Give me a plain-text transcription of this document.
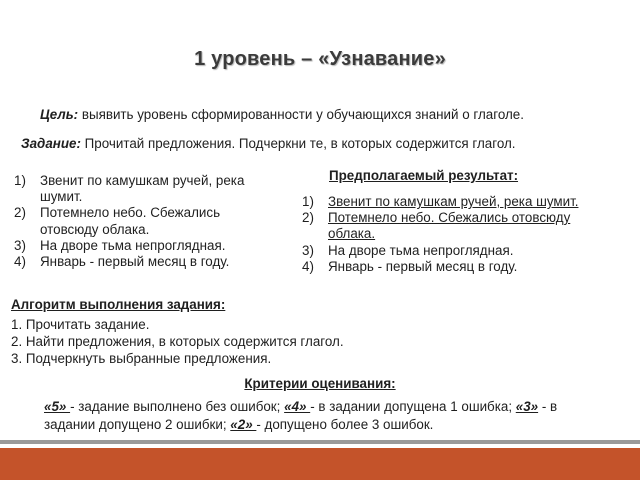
1 уровень – «Узнавание»
Цель: выявить уровень сформированности у обучающихся знаний о глаголе.
Задание: Прочитай предложения. Подчеркни те, в которых содержится глагол.
1) Звенит по камушкам ручей, река шумит.
2) Потемнело небо. Сбежались отовсюду облака.
3) На дворе тьма непроглядная.
4) Январь - первый месяц в году.
Предполагаемый результат:
1) Звенит по камушкам ручей, река шумит.
2) Потемнело небо. Сбежались отовсюду облака.
3) На дворе тьма непроглядная.
4) Январь - первый месяц в году.
Алгоритм выполнения задания:
1. Прочитать задание.
2. Найти предложения, в которых содержится глагол.
3. Подчеркнуть выбранные предложения.
Критерии оценивания:
«5» - задание выполнено без ошибок; «4» - в задании допущена 1 ошибка; «3» - в задании допущено 2 ошибки; «2» - допущено более 3 ошибок.
